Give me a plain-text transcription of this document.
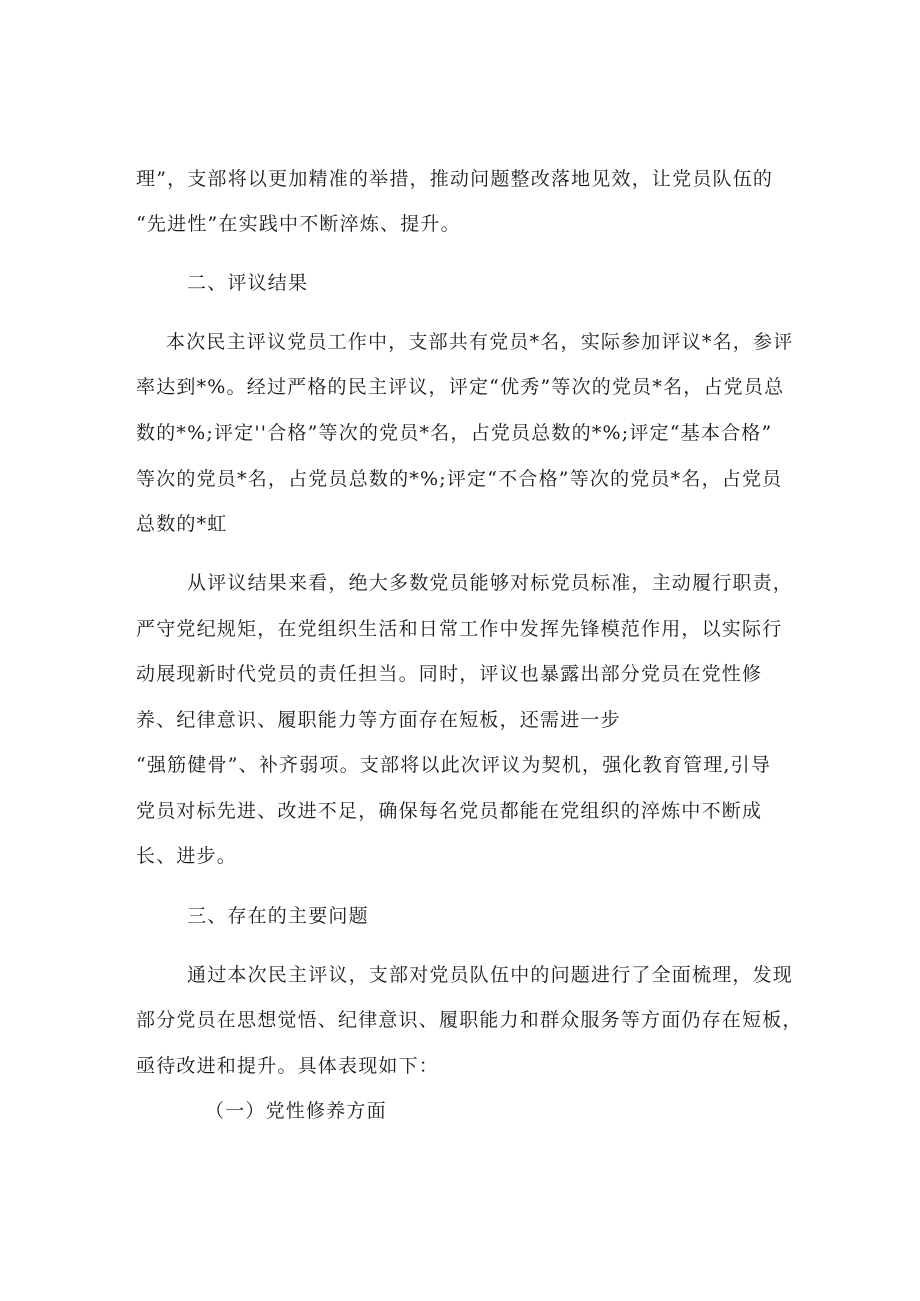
理”，支部将以更加精准的举措，推动问题整改落地见效，让党员队伍的
“先进性”在实践中不断淬炼、提升。
二、评议结果
本次民主评议党员工作中，支部共有党员*名，实际参加评议*名，参评
率达到*%。经过严格的民主评议，评定“优秀”等次的党员*名，占党员总
数的*%;评定''合格”等次的党员*名，占党员总数的*%;评定“基本合格”
等次的党员*名，占党员总数的*%;评定“不合格”等次的党员*名，占党员
总数的*虹
从评议结果来看，绝大多数党员能够对标党员标准，主动履行职责，
严守党纪规矩，在党组织生活和日常工作中发挥先锋模范作用，以实际行
动展现新时代党员的责任担当。同时，评议也暴露出部分党员在党性修
养、纪律意识、履职能力等方面存在短板，还需进一步
“强筋健骨”、补齐弱项。支部将以此次评议为契机，强化教育管理,引导
党员对标先进、改进不足，确保每名党员都能在党组织的淬炼中不断成
长、进步。
三、存在的主要问题
通过本次民主评议，支部对党员队伍中的问题进行了全面梳理，发现
部分党员在思想觉悟、纪律意识、履职能力和群众服务等方面仍存在短板，
亟待改进和提升。具体表现如下：
（一）党性修养方面
